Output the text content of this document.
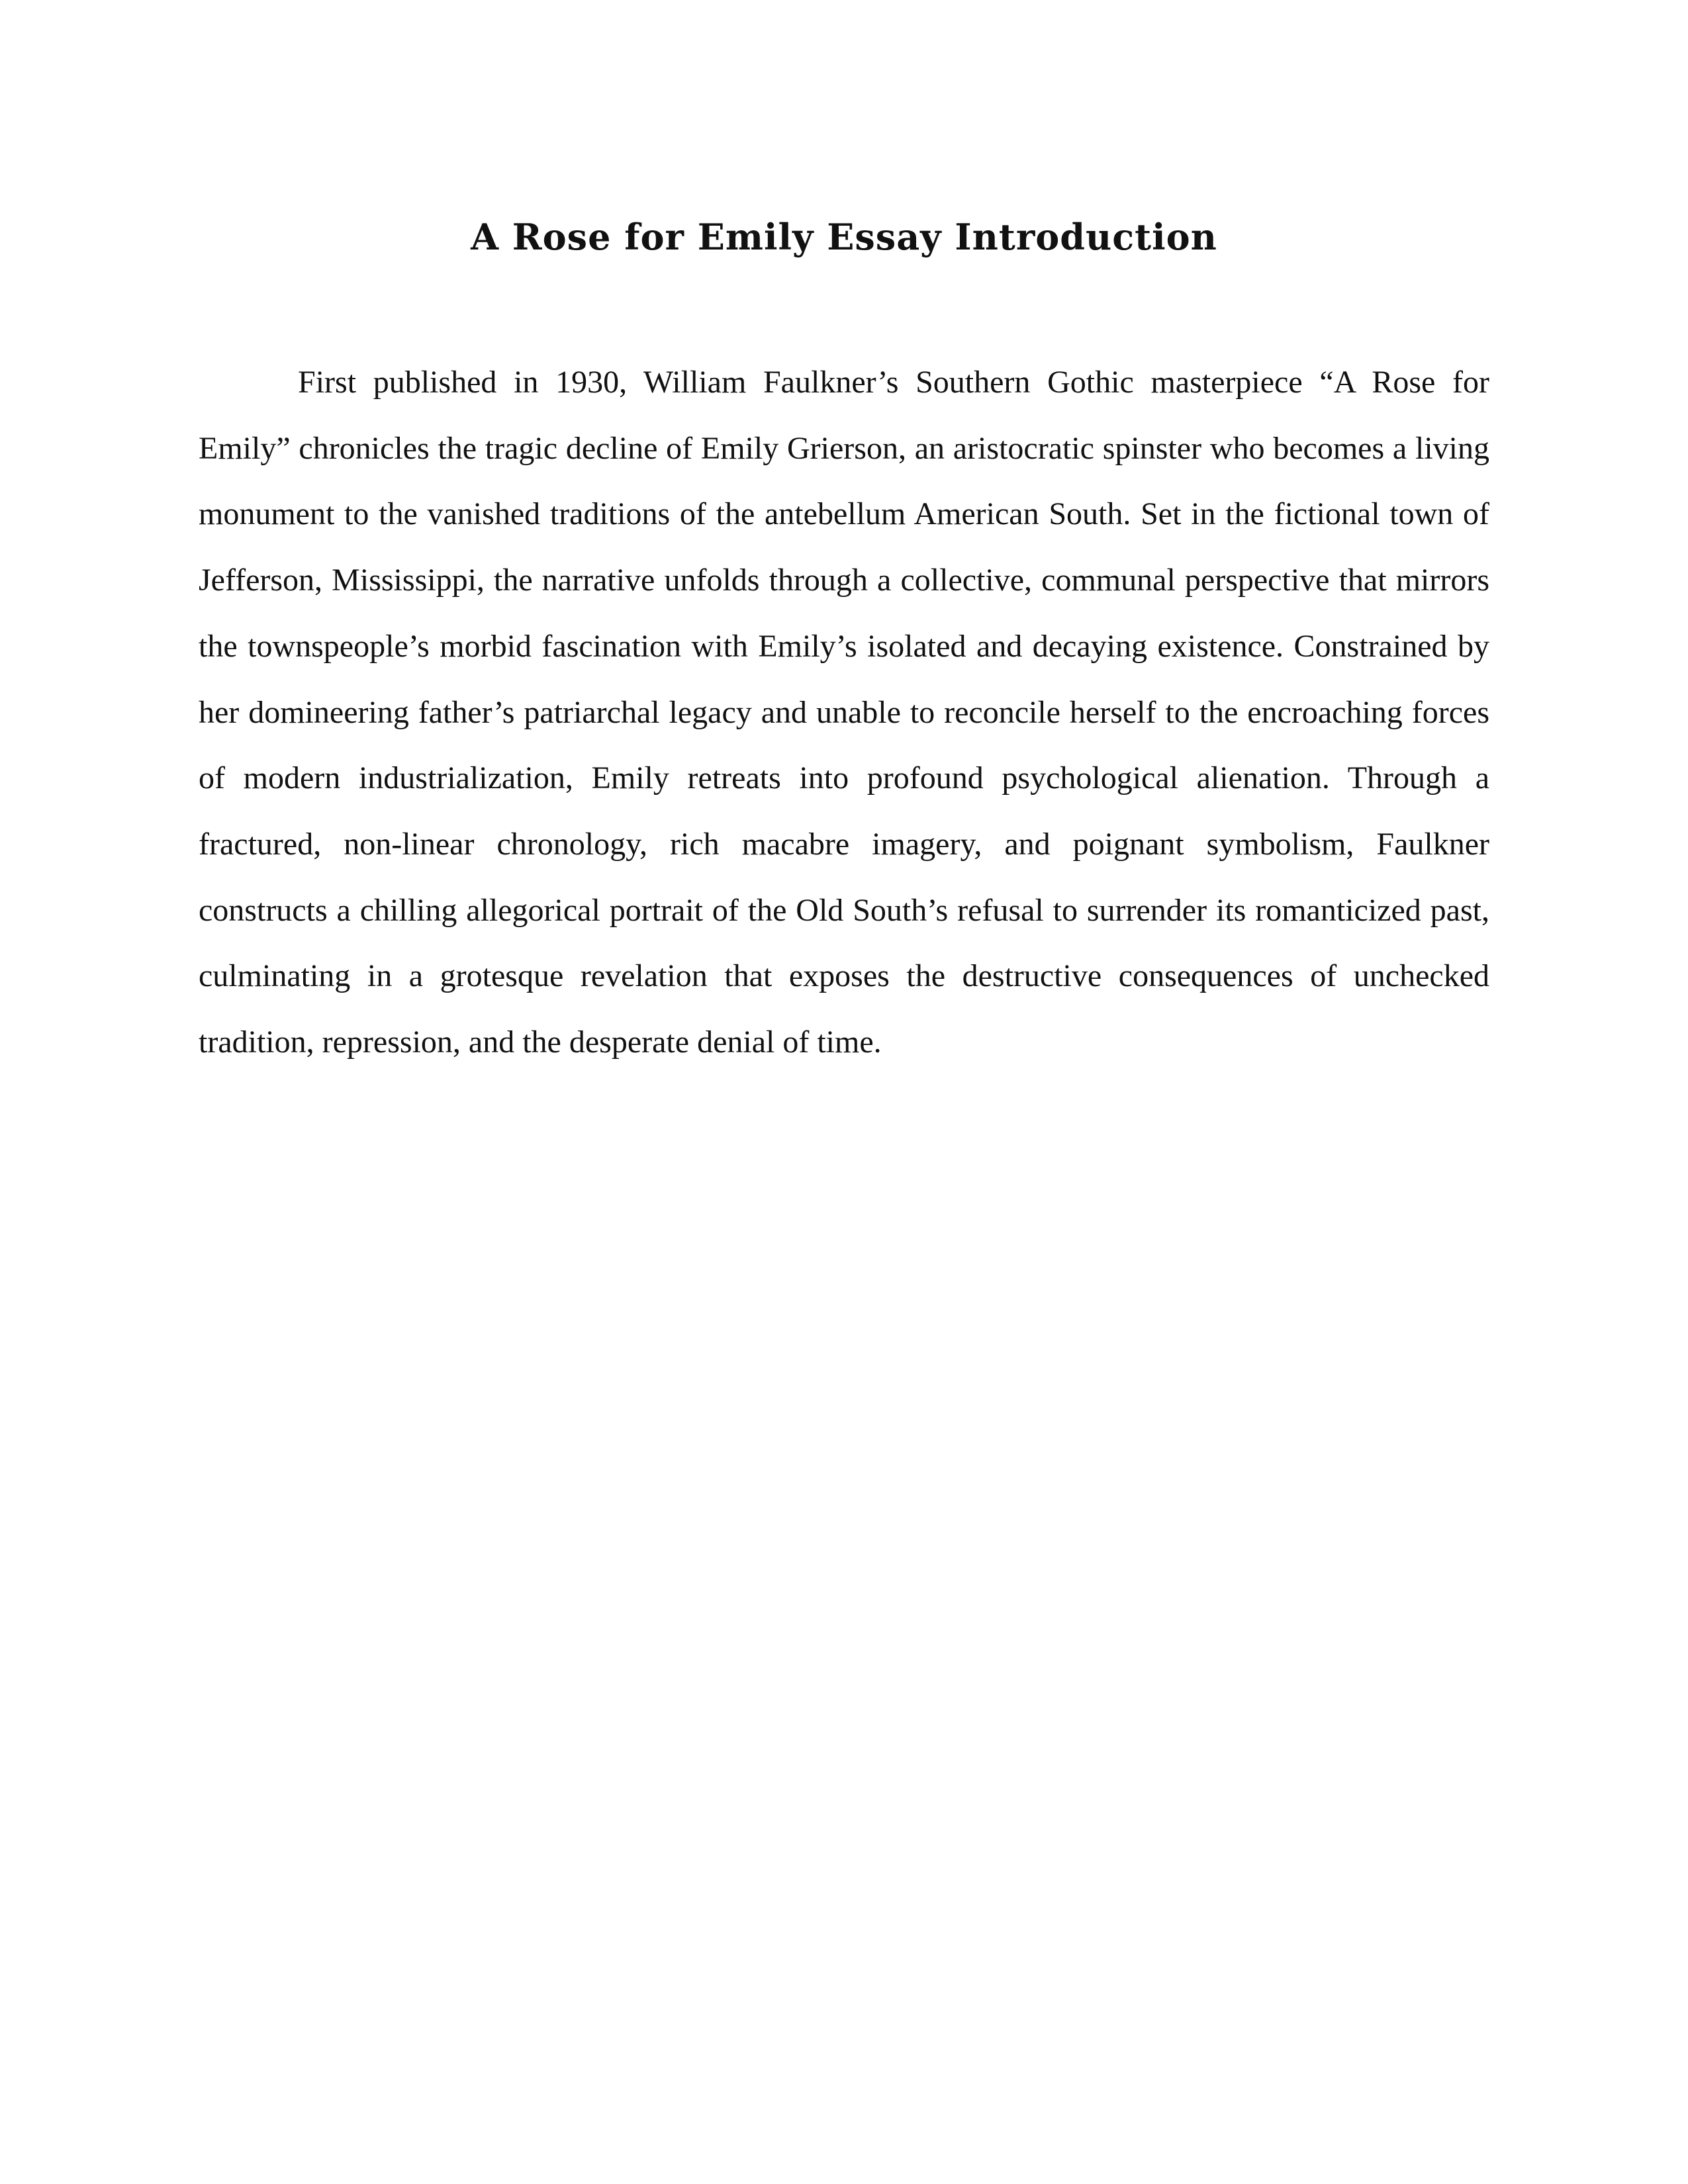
A Rose for Emily Essay Introduction

First published in 1930, William Faulkner’s Southern Gothic masterpiece “A Rose for Emily” chronicles the tragic decline of Emily Grierson, an aristocratic spinster who becomes a living monument to the vanished traditions of the antebellum American South. Set in the fictional town of Jefferson, Mississippi, the narrative unfolds through a collective, communal perspective that mirrors the townspeople’s morbid fascination with Emily’s isolated and decaying existence. Constrained by her domineering father’s patriarchal legacy and unable to reconcile herself to the encroaching forces of modern industrialization, Emily retreats into profound psychological alienation. Through a fractured, non-linear chronology, rich macabre imagery, and poignant symbolism, Faulkner constructs a chilling allegorical portrait of the Old South’s refusal to surrender its romanticized past, culminating in a grotesque revelation that exposes the destructive consequences of unchecked tradition, repression, and the desperate denial of time.
